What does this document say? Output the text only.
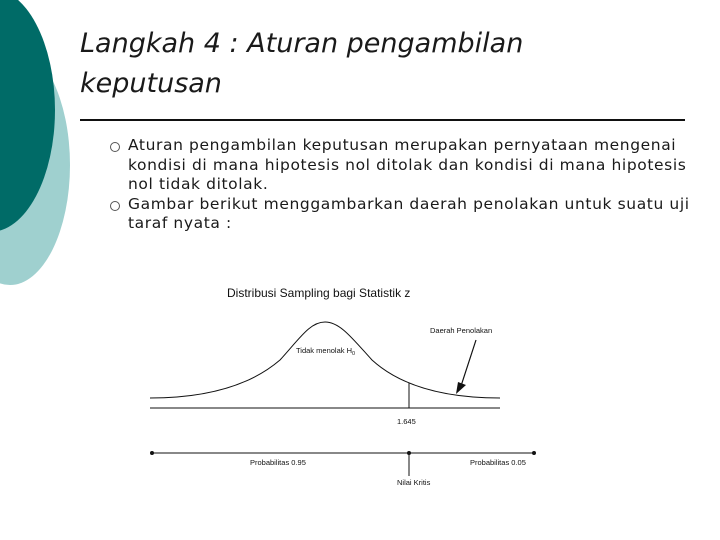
Langkah 4 : Aturan pengambilan
keputusan
Aturan pengambilan keputusan merupakan pernyataan mengenai kondisi di mana hipotesis nol ditolak dan kondisi di mana hipotesis nol tidak ditolak.
Gambar berikut menggambarkan daerah penolakan untuk suatu uji taraf nyata :
Distribusi Sampling bagi Statistik z
Daerah Penolakan
Tidak menolak $H_0$
1.645
Probabilitas 0.95	Probabilitas 0.05
Nilai Kritis
